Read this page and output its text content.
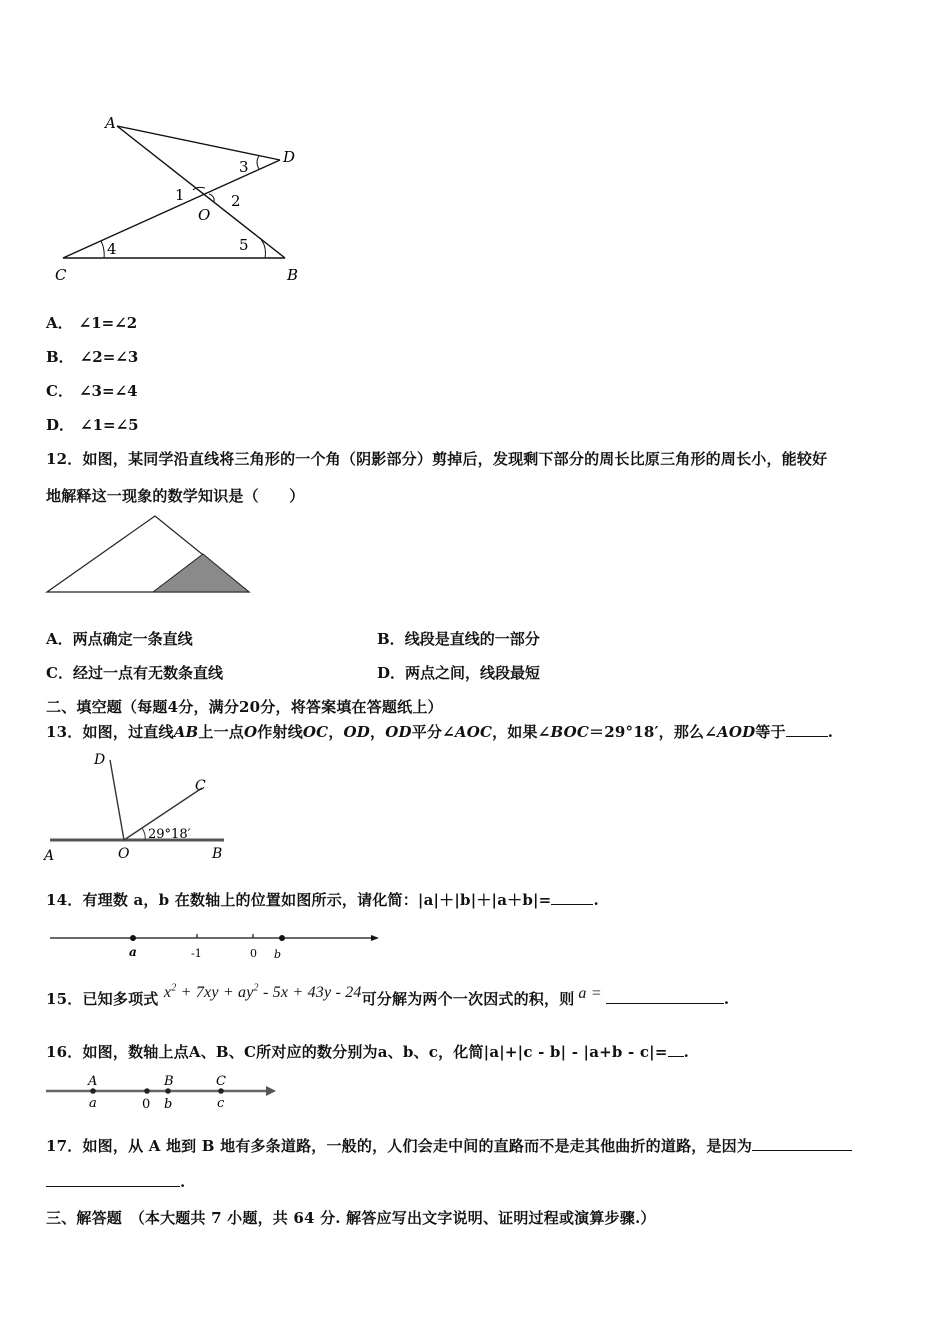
A
D
C	B
O
1	2
3
4	5
A． ∠1=∠2
B． ∠2=∠3
C． ∠3=∠4
D． ∠1=∠5
12．如图，某同学沿直线将三角形的一个角（阴影部分）剪掉后，发现剩下部分的周长比原三角形的周长小，能较好
地解释这一现象的数学知识是（　　）
A．两点确定一条直线	B．线段是直线的一部分
C．经过一点有无数条直线	D．两点之间，线段最短
二、填空题（每题4分，满分20分，将答案填在答题纸上）
13．如图，过直线AB上一点O作射线OC，OD，OD平分∠AOC，如果∠BOC＝29°18′，那么∠AOD等于	.
D
C
29°18′
A	O	B
14．有理数 a，b 在数轴上的位置如图所示，请化简：|a|＋|b|＋|a＋b|=	.
a	-1	0 b
15．已知多项式 $x^2 + 7xy + ay^2 - 5x + 43y - 24$可分解为两个一次因式的积，则 a =	.
16．如图，数轴上点A、B、C所对应的数分别为a、b、c，化简|a|+|c - b| - |a+b - c|= .
A	B	C
a	0 b	c
17．如图，从 A 地到 B 地有多条道路，一般的，人们会走中间的直路而不是走其他曲折的道路，是因为
.
三、解答题　（本大题共 7 小题，共 64 分. 解答应写出文字说明、证明过程或演算步骤.）
